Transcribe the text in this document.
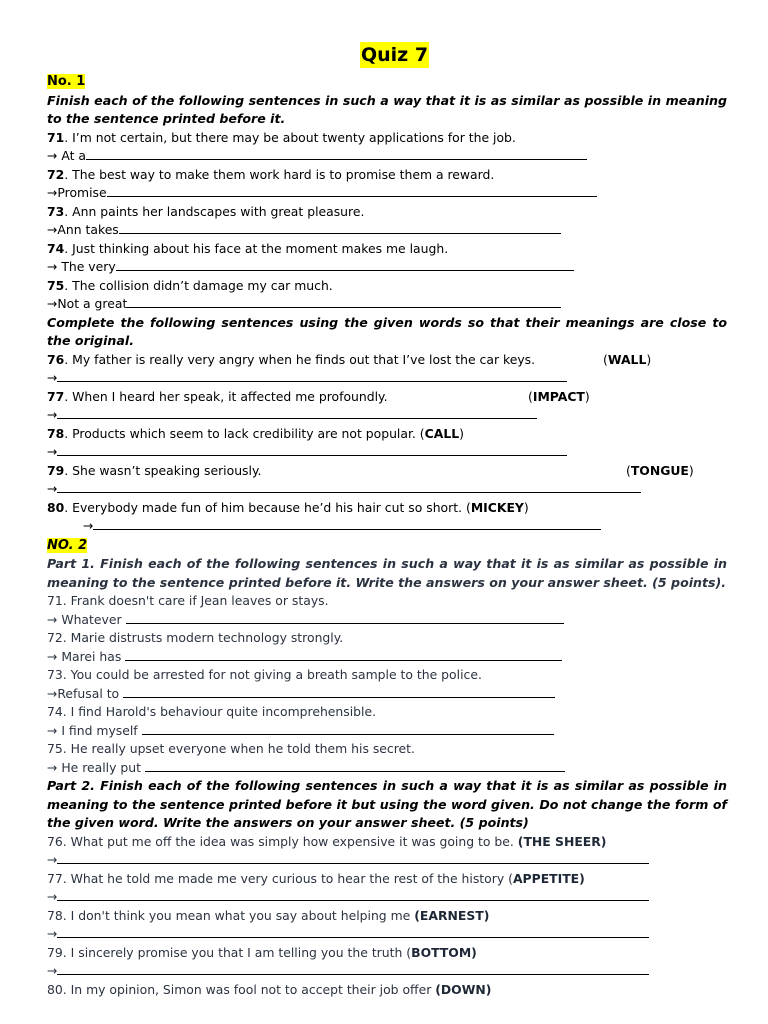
Quiz 7
No. 1
Finish each of the following sentences in such a way that it is as similar as possible in meaning to the sentence printed before it.
71. I’m not certain, but there may be about twenty applications for the job.
→ At a
72. The best way to make them work hard is to promise them a reward.
→Promise
73. Ann paints her landscapes with great pleasure.
→Ann takes
74. Just thinking about his face at the moment makes me laugh.
→ The very
75. The collision didn’t damage my car much.
→Not a great
Complete the following sentences using the given words so that their meanings are close to the original.
76. My father is really very angry when he finds out that I’ve lost the car keys.	(WALL)
→
77. When I heard her speak, it affected me profoundly.	(IMPACT)
→
78. Products which seem to lack credibility are not popular. (CALL)
→
79. She wasn’t speaking seriously.	(TONGUE)
→
80. Everybody made fun of him because he’d his hair cut so short. (MICKEY)
→
NO. 2
Part 1. Finish each of the following sentences in such a way that it is as similar as possible in meaning to the sentence printed before it. Write the answers on your answer sheet. (5 points).
71. Frank doesn't care if Jean leaves or stays.
→ Whatever
72. Marie distrusts modern technology strongly.
→ Marei has
73. You could be arrested for not giving a breath sample to the police.
→Refusal to
74. I find Harold's behaviour quite incomprehensible.
→ I find myself
75. He really upset everyone when he told them his secret.
→ He really put
Part 2. Finish each of the following sentences in such a way that it is as similar as possible in meaning to the sentence printed before it but using the word given. Do not change the form of the given word. Write the answers on your answer sheet. (5 points)
76. What put me off the idea was simply how expensive it was going to be. (THE SHEER)
→
77. What he told me made me very curious to hear the rest of the history (APPETITE)
→
78. I don't think you mean what you say about helping me (EARNEST)
→
79. I sincerely promise you that I am telling you the truth (BOTTOM)
→
80. In my opinion, Simon was fool not to accept their job offer (DOWN)
